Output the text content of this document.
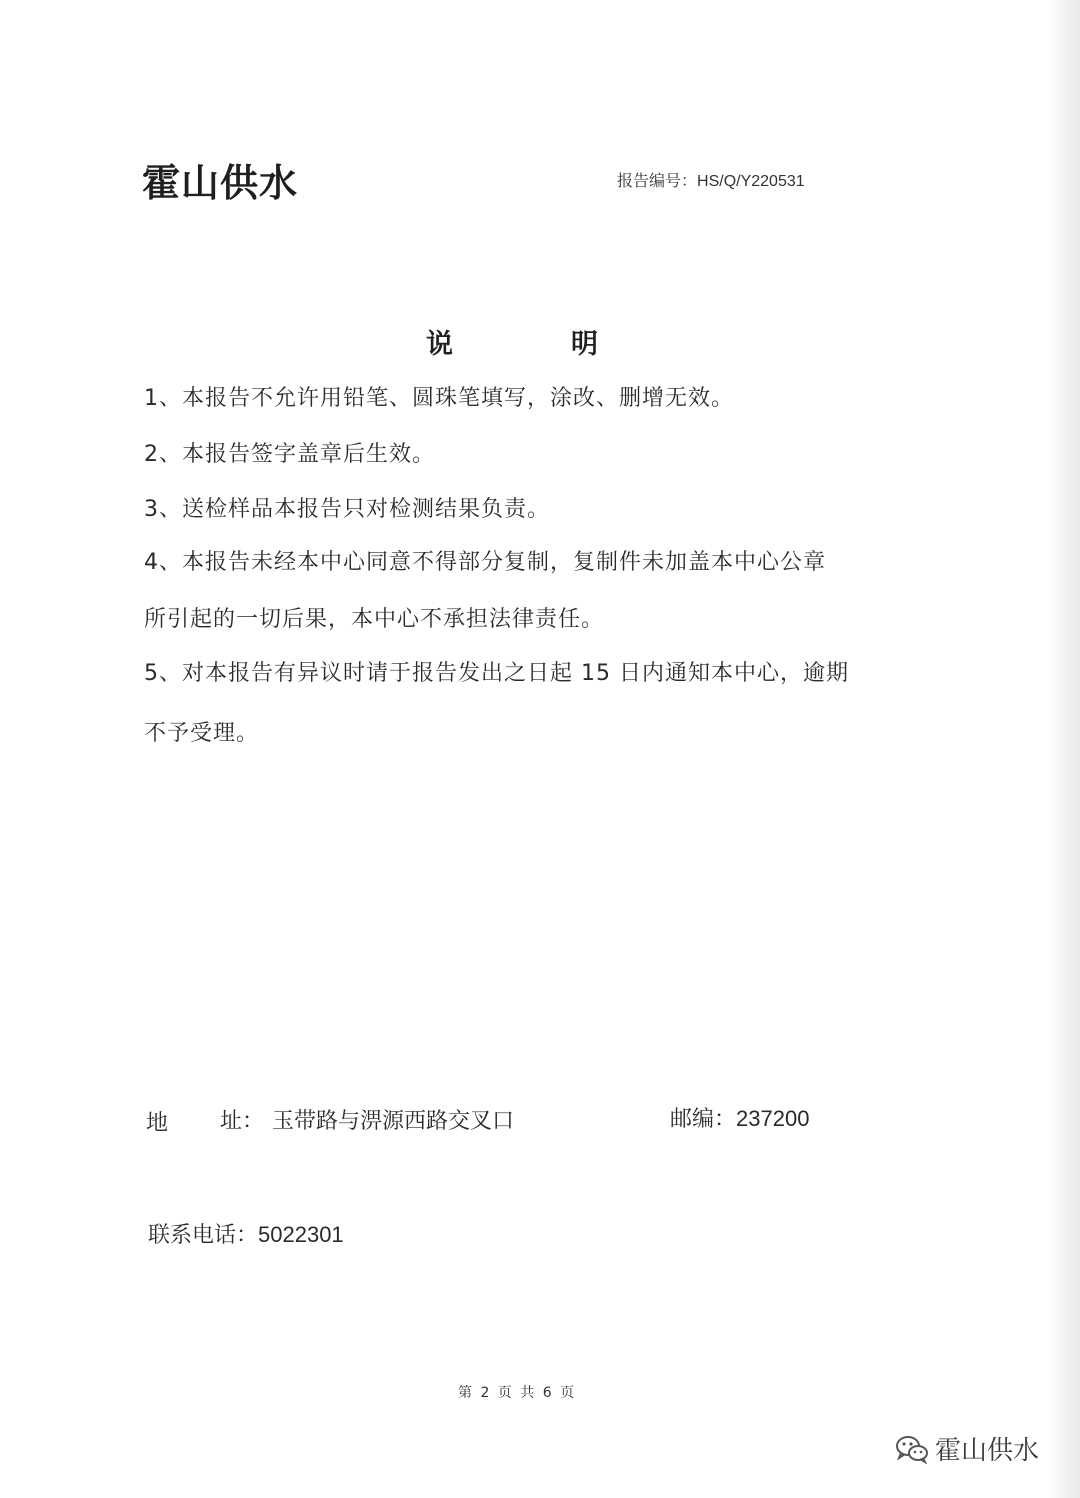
霍山供水	报告编号：HS/Q/Y220531
说明
1、本报告不允许用铅笔、圆珠笔填写，涂改、删增无效。
2、本报告签字盖章后生效。
3、送检样品本报告只对检测结果负责。
4、本报告未经本中心同意不得部分复制，复制件未加盖本中心公章
所引起的一切后果，本中心不承担法律责任。
5、对本报告有异议时请于报告发出之日起 15 日内通知本中心，逾期
不予受理。
地 址： 玉带路与淠源西路交叉口	邮编：237200
联系电话：5022301
第 2 页 共 6 页
霍山供水
